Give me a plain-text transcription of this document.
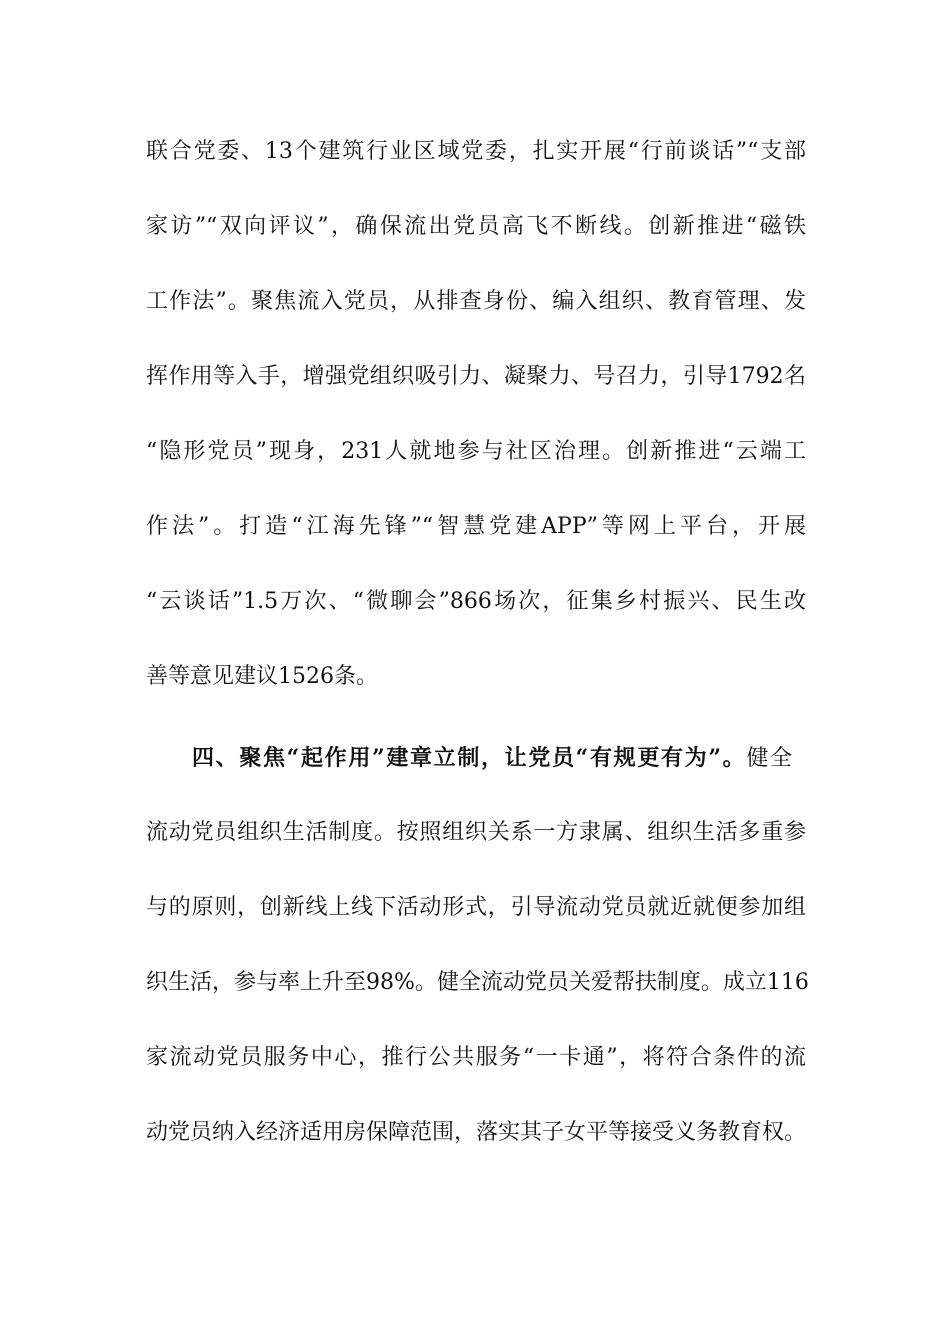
联合党委、13个建筑行业区域党委，扎实开展“行前谈话”“支部
家访”“双向评议”，确保流出党员高飞不断线。创新推进“磁铁
工作法”。聚焦流入党员，从排查身份、编入组织、教育管理、发
挥作用等入手，增强党组织吸引力、凝聚力、号召力，引导1792名
“隐形党员”现身，231人就地参与社区治理。创新推进“云端工
作法”。打造“江海先锋”“智慧党建APP”等网上平台，开展
“云谈话”1.5万次、“微聊会”866场次，征集乡村振兴、民生改
善等意见建议1526条。
四、聚焦“起作用”建章立制，让党员“有规更有为”。健全
流动党员组织生活制度。按照组织关系一方隶属、组织生活多重参
与的原则，创新线上线下活动形式，引导流动党员就近就便参加组
织生活，参与率上升至98%。健全流动党员关爱帮扶制度。成立116
家流动党员服务中心，推行公共服务“一卡通”，将符合条件的流
动党员纳入经济适用房保障范围，落实其子女平等接受义务教育权。
